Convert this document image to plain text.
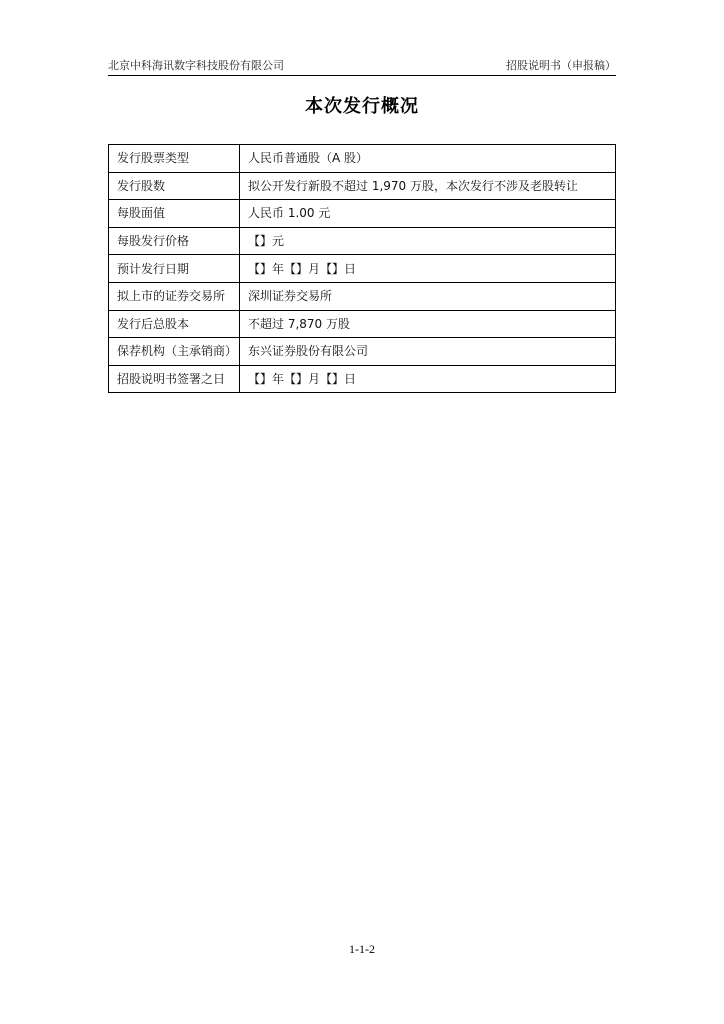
北京中科海讯数字科技股份有限公司	招股说明书（申报稿）
本次发行概况
发行股票类型	人民币普通股（A 股）
发行股数	拟公开发行新股不超过 1,970 万股，本次发行不涉及老股转让
每股面值	人民币 1.00 元
每股发行价格	【】元
预计发行日期	【】年【】月【】日
拟上市的证券交易所	深圳证券交易所
发行后总股本	不超过 7,870 万股
保荐机构（主承销商）	东兴证券股份有限公司
招股说明书签署之日	【】年【】月【】日
1-1-2
